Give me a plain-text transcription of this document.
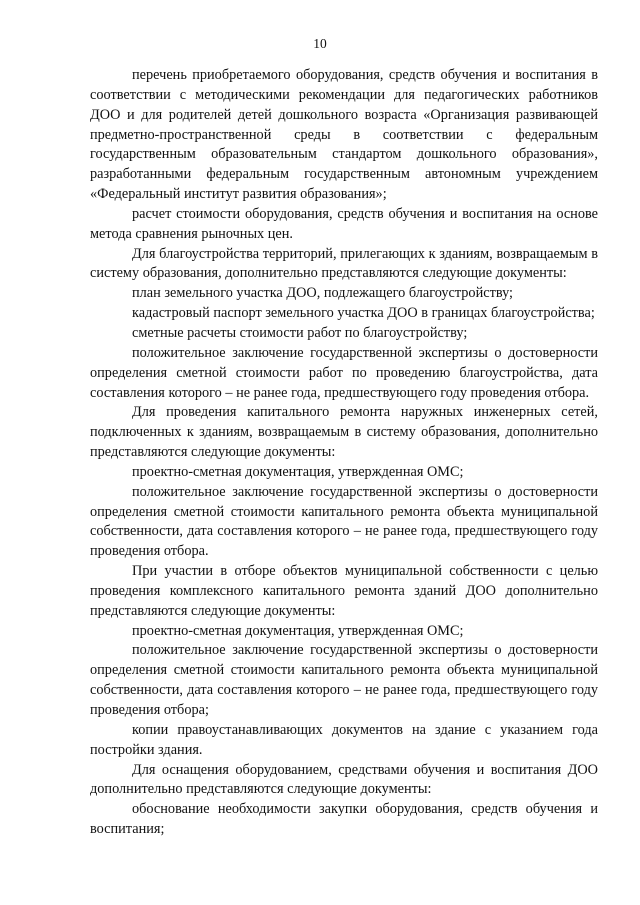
10

перечень приобретаемого оборудования, средств обучения и воспитания в соответствии с методическими рекомендации для педагогических работников ДОО и для родителей детей дошкольного возраста «Организация развивающей предметно-пространственной среды в соответствии с федеральным государственным образовательным стандартом дошкольного образования», разработанными федеральным государственным автономным учреждением «Федеральный институт развития образования»;

расчет стоимости оборудования, средств обучения и воспитания на основе метода сравнения рыночных цен.

Для благоустройства территорий, прилегающих к зданиям, возвращаемым в систему образования, дополнительно представляются следующие документы:

план земельного участка ДОО, подлежащего благоустройству;

кадастровый паспорт земельного участка ДОО в границах благоустройства;

сметные расчеты стоимости работ по благоустройству;

положительное заключение государственной экспертизы о достоверности определения сметной стоимости работ по проведению благоустройства, дата составления которого – не ранее года, предшествующего году проведения отбора.

Для проведения капитального ремонта наружных инженерных сетей, подключенных к зданиям, возвращаемым в систему образования, дополнительно представляются следующие документы:

проектно-сметная документация, утвержденная ОМС;

положительное заключение государственной экспертизы о достоверности определения сметной стоимости капитального ремонта объекта муниципальной собственности, дата составления которого – не ранее года, предшествующего году проведения отбора.

При участии в отборе объектов муниципальной собственности с целью проведения комплексного капитального ремонта зданий ДОО дополнительно представляются следующие документы:

проектно-сметная документация, утвержденная ОМС;

положительное заключение государственной экспертизы о достоверности определения сметной стоимости капитального ремонта объекта муниципальной собственности, дата составления которого – не ранее года, предшествующего году проведения отбора;

копии правоустанавливающих документов на здание с указанием года постройки здания.

Для оснащения оборудованием, средствами обучения и воспитания ДОО дополнительно представляются следующие документы:

обоснование необходимости закупки оборудования, средств обучения и воспитания;
